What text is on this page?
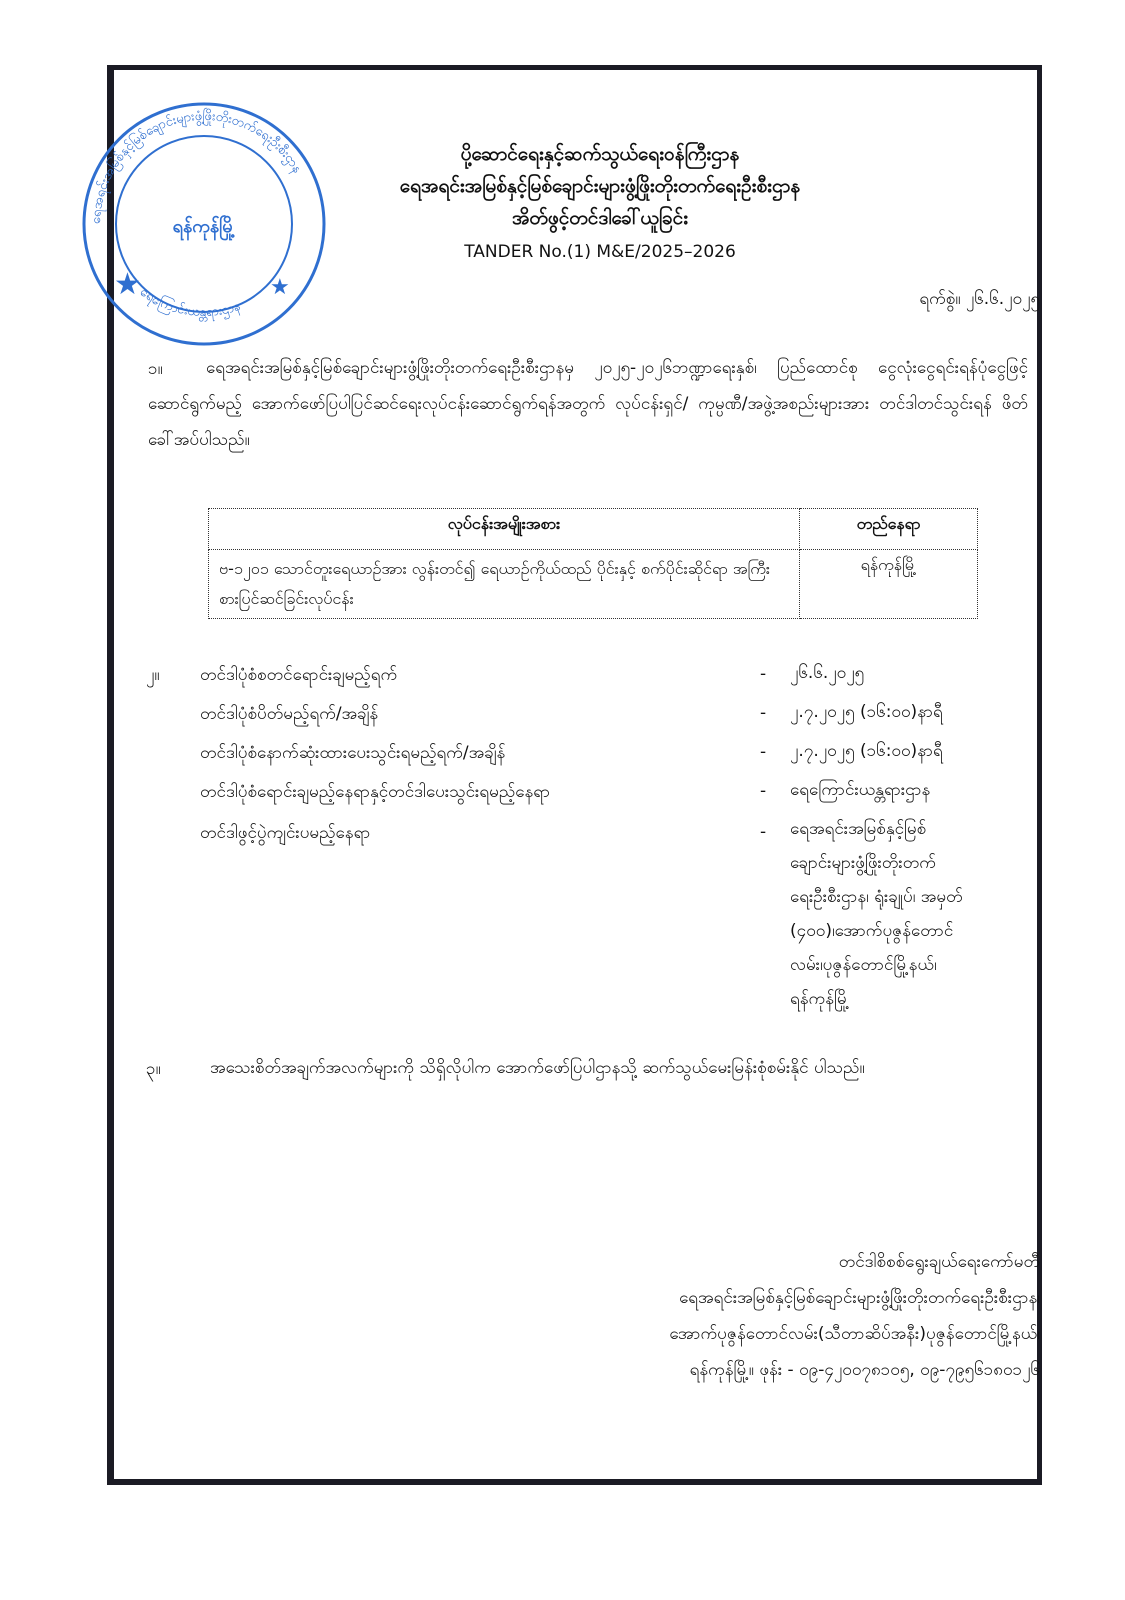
ရန်ကုန်မြို့
★	★
ရေအရင်းအမြစ်နှင့်မြစ်ချောင်းများဖွံ့ဖြိုးတိုးတက်ရေးဦးစီးဌာန
ရေကြောင်းယန္တရားဌာန
ပို့ဆောင်ရေးနှင့်ဆက်သွယ်ရေးဝန်ကြီးဌာန
ရေအရင်းအမြစ်နှင့်မြစ်ချောင်းများဖွံ့ဖြိုးတိုးတက်ရေးဦးစီးဌာန
အိတ်ဖွင့်တင်ဒါခေါ်ယူခြင်း
TANDER No.(1) M&E/2025–2026
ရက်စွဲ။ ၂၆.၆.၂၀၂၅
၁။	ရေအရင်းအမြစ်နှင့်မြစ်ချောင်းများဖွံ့ဖြိုးတိုးတက်ရေးဦးစီးဌာနမှ ၂၀၂၅-၂၀၂၆ဘဏ္ဍာရေးနှစ်၊ ပြည်ထောင်စု ငွေလုံးငွေရင်းရန်ပုံငွေဖြင့်ဆောင်ရွက်မည့် အောက်ဖော်ပြပါပြင်ဆင်ရေးလုပ်ငန်းဆောင်ရွက်ရန်အတွက် လုပ်ငန်းရှင်/ ကုမ္ပဏီ/အဖွဲ့အစည်းများအား တင်ဒါတင်သွင်းရန် ဖိတ်ခေါ်အပ်ပါသည်။
လုပ်ငန်းအမျိုးအစား	တည်နေရာ
ဗ-၁၂၀၁ သောင်တူးရေယာဉ်အား လွန်းတင်၍ ရေယာဉ်ကိုယ်ထည် ပိုင်းနှင့် စက်ပိုင်းဆိုင်ရာ အကြီးစားပြင်ဆင်ခြင်းလုပ်ငန်း	ရန်ကုန်မြို့
၂။ တင်ဒါပုံစံစတင်ရောင်းချမည့်ရက်	- ၂၆.၆.၂၀၂၅
တင်ဒါပုံစံပိတ်မည့်ရက်/အချိန်	- ၂.၇.၂၀၂၅ (၁၆:၀၀)နာရီ
တင်ဒါပုံစံနောက်ဆုံးထားပေးသွင်းရမည့်ရက်/အချိန်	- ၂.၇.၂၀၂၅ (၁၆:၀၀)နာရီ
တင်ဒါပုံစံရောင်းချမည့်နေရာနှင့်တင်ဒါပေးသွင်းရမည့်နေရာ	- ရေကြောင်းယန္တရားဌာန
တင်ဒါဖွင့်ပွဲကျင်းပမည့်နေရာ	- ရေအရင်းအမြစ်နှင့်မြစ်
ချောင်းများဖွံ့ဖြိုးတိုးတက်
ရေးဦးစီးဌာန၊ ရုံးချုပ်၊ အမှတ်
(၄၀၀)၊အောက်ပုဇွန်တောင်
လမ်း၊ပုဇွန်တောင်မြို့နယ်၊
ရန်ကုန်မြို့
၃။	အသေးစိတ်အချက်အလက်များကို သိရှိလိုပါက အောက်ဖော်ပြပါဌာနသို့ ဆက်သွယ်မေးမြန်းစုံစမ်းနိုင် ပါသည်။
တင်ဒါစိစစ်ရွေးချယ်ရေးကော်မတီ
ရေအရင်းအမြစ်နှင့်မြစ်ချောင်းများဖွံ့ဖြိုးတိုးတက်ရေးဦးစီးဌာန၊
အောက်ပုဇွန်တောင်လမ်း(သီတာဆိပ်အနီး)ပုဇွန်တောင်မြို့နယ်၊
ရန်ကုန်မြို့။ ဖုန်း - ၀၉-၄၂၀၀၇၈၁၀၅, ၀၉-၇၉၅၆၁၈၀၁၂၆
